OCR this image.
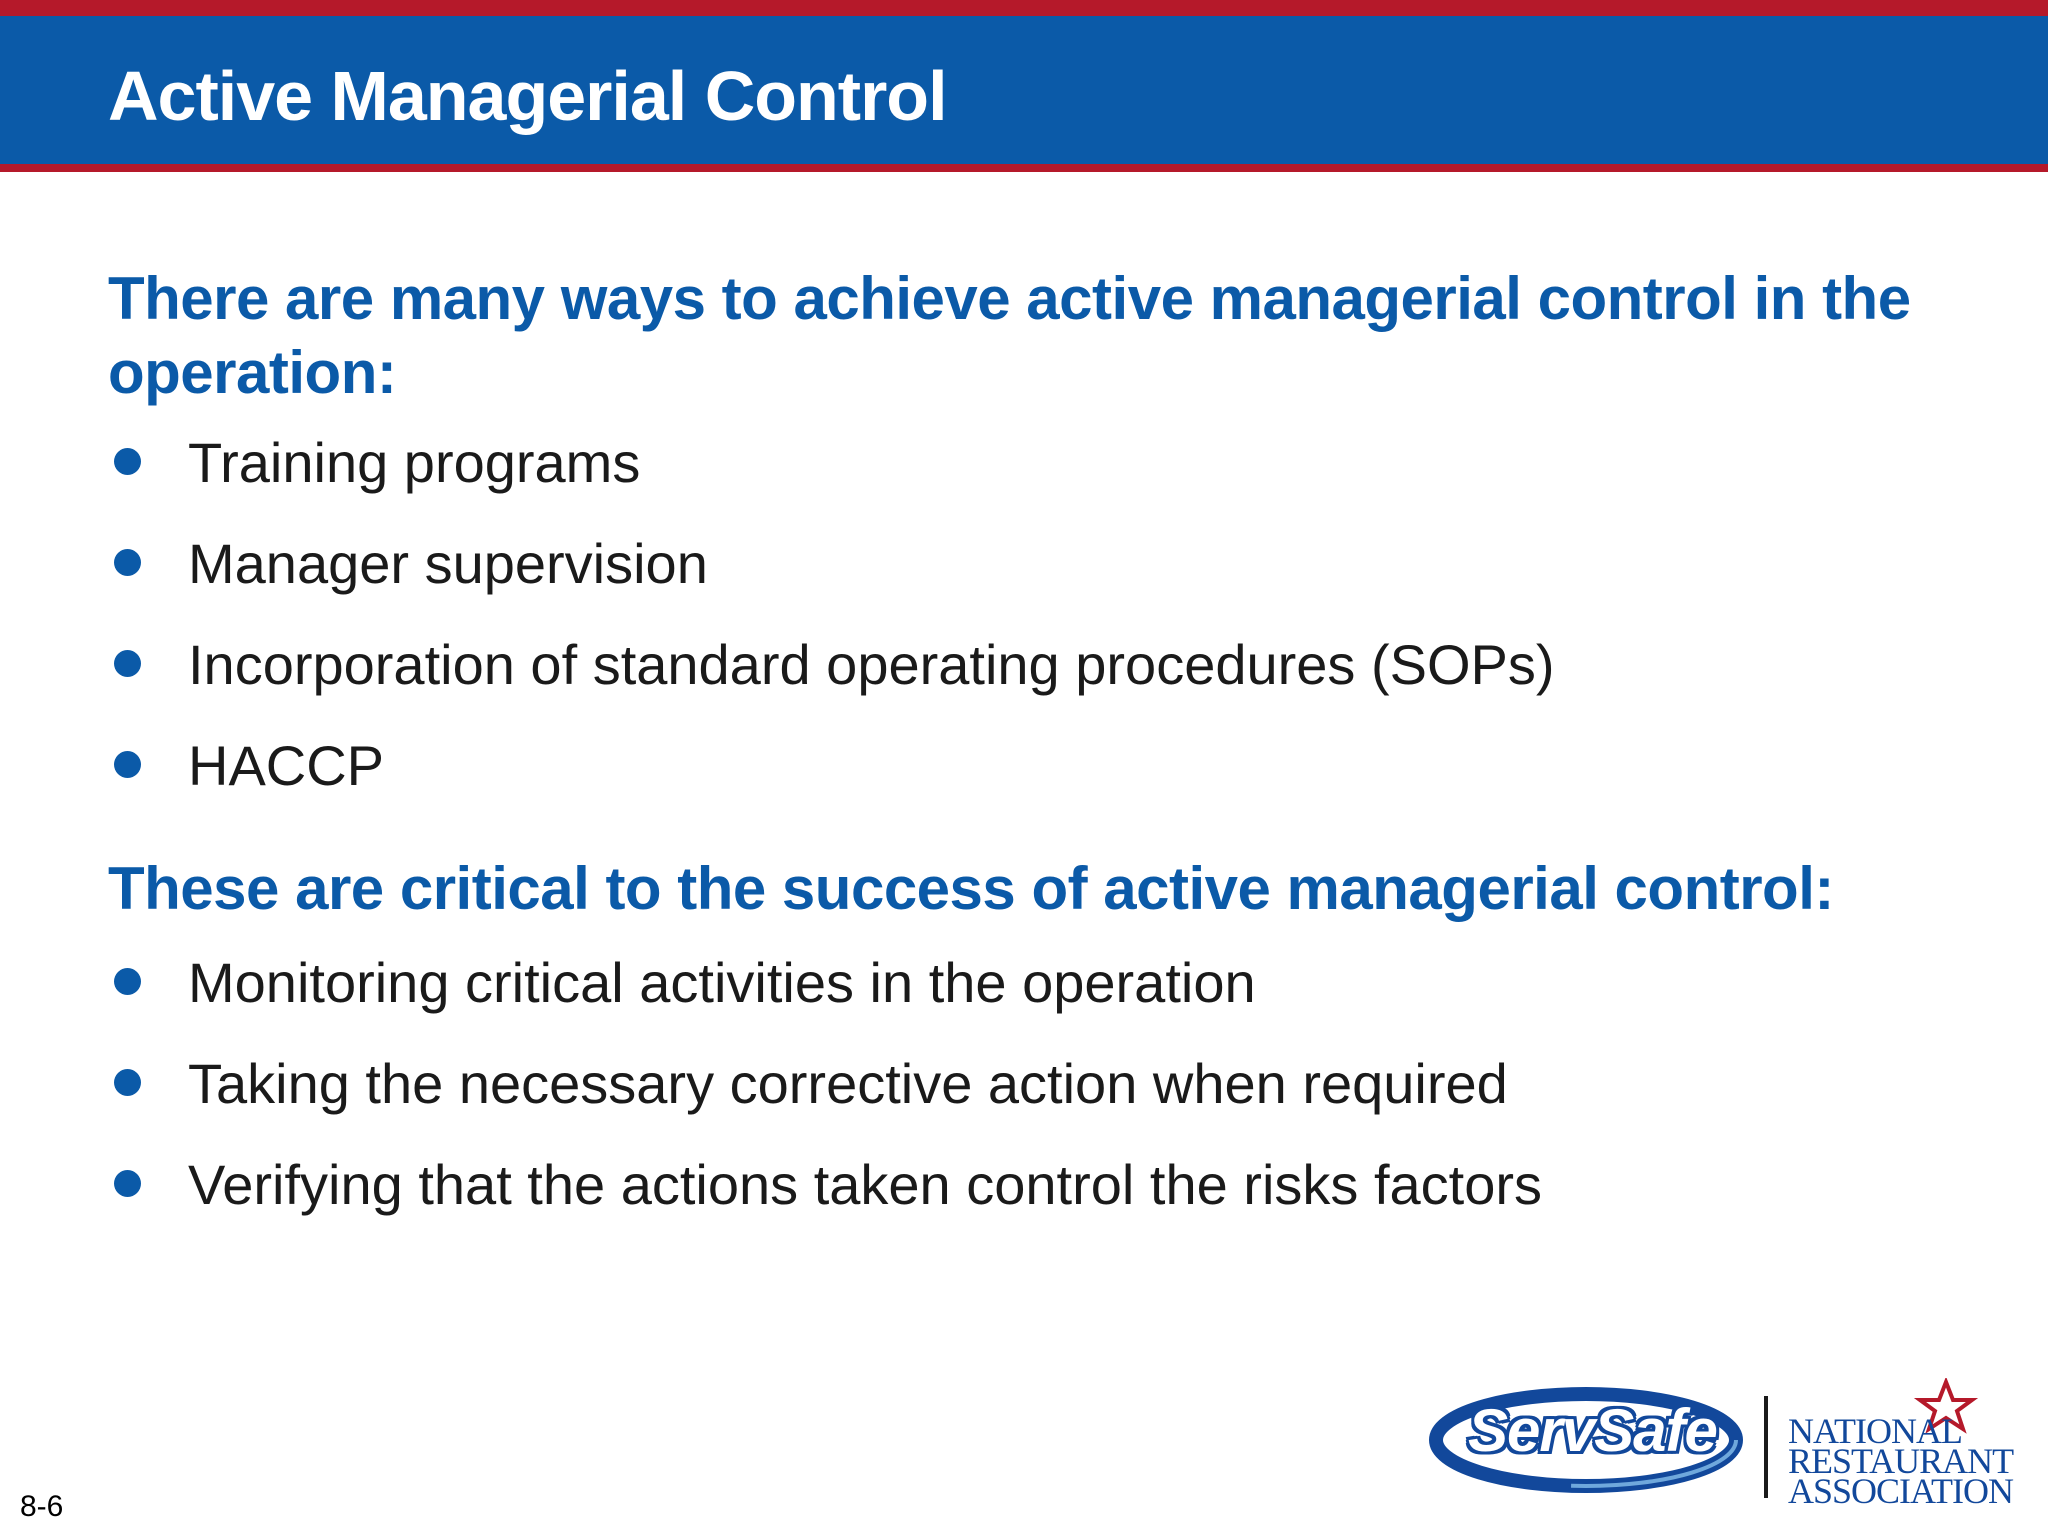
Active Managerial Control

There are many ways to achieve active managerial control in the operation:

Training programs
Manager supervision
Incorporation of standard operating procedures (SOPs)
HACCP

These are critical to the success of active managerial control:

Monitoring critical activities in the operation
Taking the necessary corrective action when required
Verifying that the actions taken control the risks factors
8-6
ServSafe NATIONAL
RESTAURANT
ASSOCIATION
